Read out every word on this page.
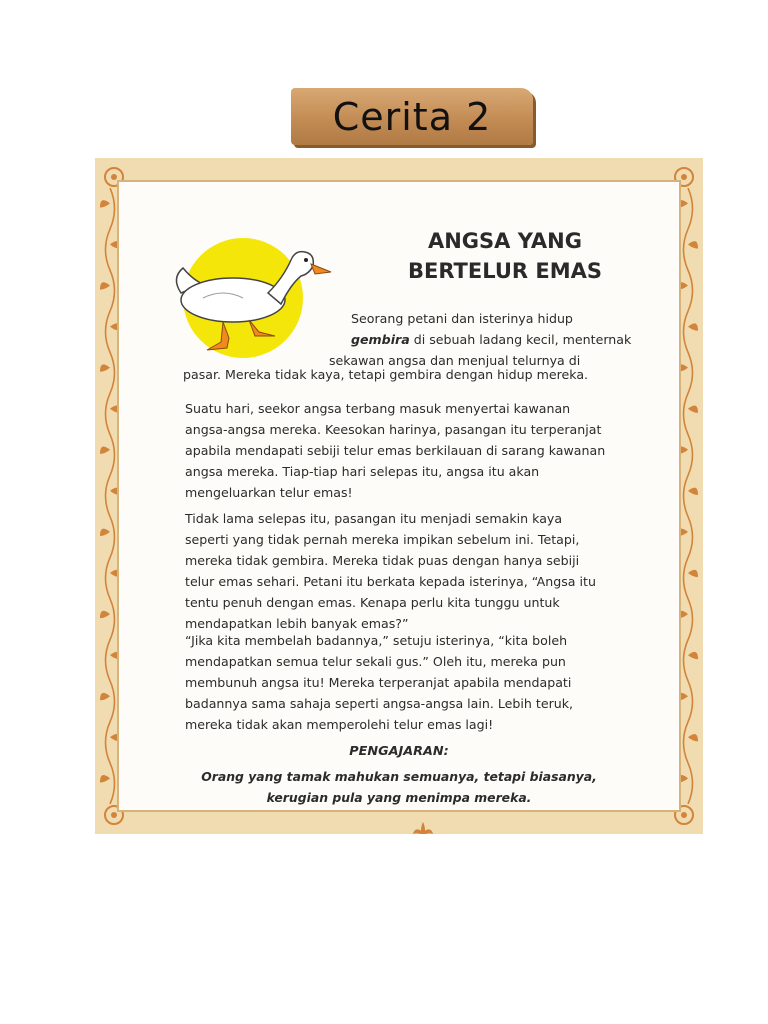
Cerita 2
ANGSA YANG
BERTELUR EMAS
Seorang petani dan isterinya hidup
gembira di sebuah ladang kecil, menternak
sekawan angsa dan menjual telurnya di
pasar. Mereka tidak kaya, tetapi gembira dengan hidup mereka.
Suatu hari, seekor angsa terbang masuk menyertai kawanan
angsa-angsa mereka. Keesokan harinya, pasangan itu terperanjat
apabila mendapati sebiji telur emas berkilauan di sarang kawanan
angsa mereka. Tiap-tiap hari selepas itu, angsa itu akan
mengeluarkan telur emas!
Tidak lama selepas itu, pasangan itu menjadi semakin kaya
seperti yang tidak pernah mereka impikan sebelum ini. Tetapi,
mereka tidak gembira. Mereka tidak puas dengan hanya sebiji
telur emas sehari. Petani itu berkata kepada isterinya, “Angsa itu
tentu penuh dengan emas. Kenapa perlu kita tunggu untuk
mendapatkan lebih banyak emas?”
“Jika kita membelah badannya,” setuju isterinya, “kita boleh
mendapatkan semua telur sekali gus.” Oleh itu, mereka pun
membunuh angsa itu! Mereka terperanjat apabila mendapati
badannya sama sahaja seperti angsa-angsa lain. Lebih teruk,
mereka tidak akan memperolehi telur emas lagi!
PENGAJARAN:
Orang yang tamak mahukan semuanya, tetapi biasanya,
kerugian pula yang menimpa mereka.
